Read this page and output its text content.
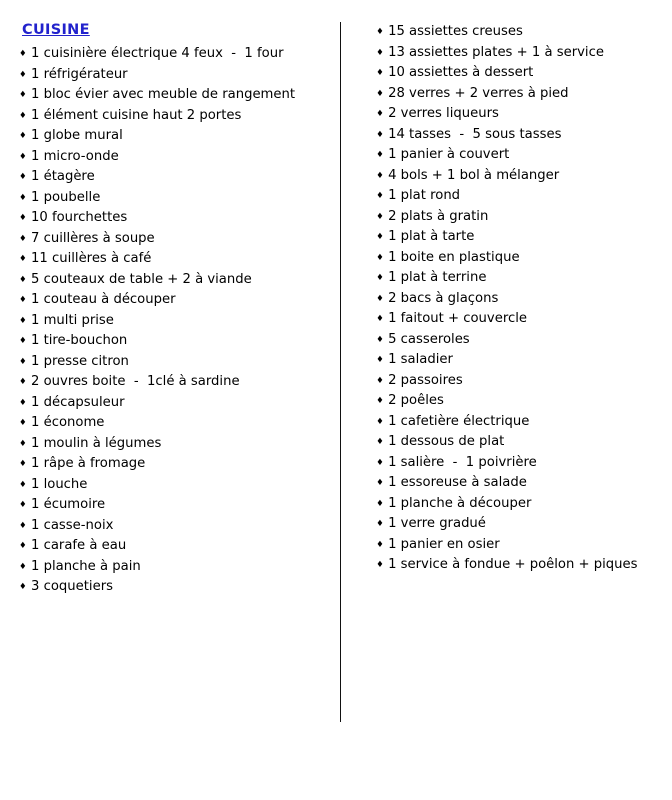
CUISINE
♦ 1 cuisinière électrique 4 feux  -  1 four
♦ 1 réfrigérateur
♦ 1 bloc évier avec meuble de rangement
♦ 1 élément cuisine haut 2 portes
♦ 1 globe mural
♦ 1 micro-onde
♦ 1 étagère
♦ 1 poubelle
♦ 10 fourchettes
♦ 7 cuillères à soupe
♦ 11 cuillères à café
♦ 5 couteaux de table + 2 à viande
♦ 1 couteau à découper
♦ 1 multi prise
♦ 1 tire-bouchon
♦ 1 presse citron
♦ 2 ouvres boite  -  1clé à sardine
♦ 1 décapsuleur
♦ 1 économe
♦ 1 moulin à légumes
♦ 1 râpe à fromage
♦ 1 louche
♦ 1 écumoire
♦ 1 casse-noix
♦ 1 carafe à eau
♦ 1 planche à pain
♦ 3 coquetiers
♦ 15 assiettes creuses
♦ 13 assiettes plates + 1 à service
♦ 10 assiettes à dessert
♦ 28 verres + 2 verres à pied
♦ 2 verres liqueurs
♦ 14 tasses  -  5 sous tasses
♦ 1 panier à couvert
♦ 4 bols + 1 bol à mélanger
♦ 1 plat rond
♦ 2 plats à gratin
♦ 1 plat à tarte
♦ 1 boite en plastique
♦ 1 plat à terrine
♦ 2 bacs à glaçons
♦ 1 faitout + couvercle
♦ 5 casseroles
♦ 1 saladier
♦ 2 passoires
♦ 2 poêles
♦ 1 cafetière électrique
♦ 1 dessous de plat
♦ 1 salière  -  1 poivrière
♦ 1 essoreuse à salade
♦ 1 planche à découper
♦ 1 verre gradué
♦ 1 panier en osier
♦ 1 service à fondue + poêlon + piques
